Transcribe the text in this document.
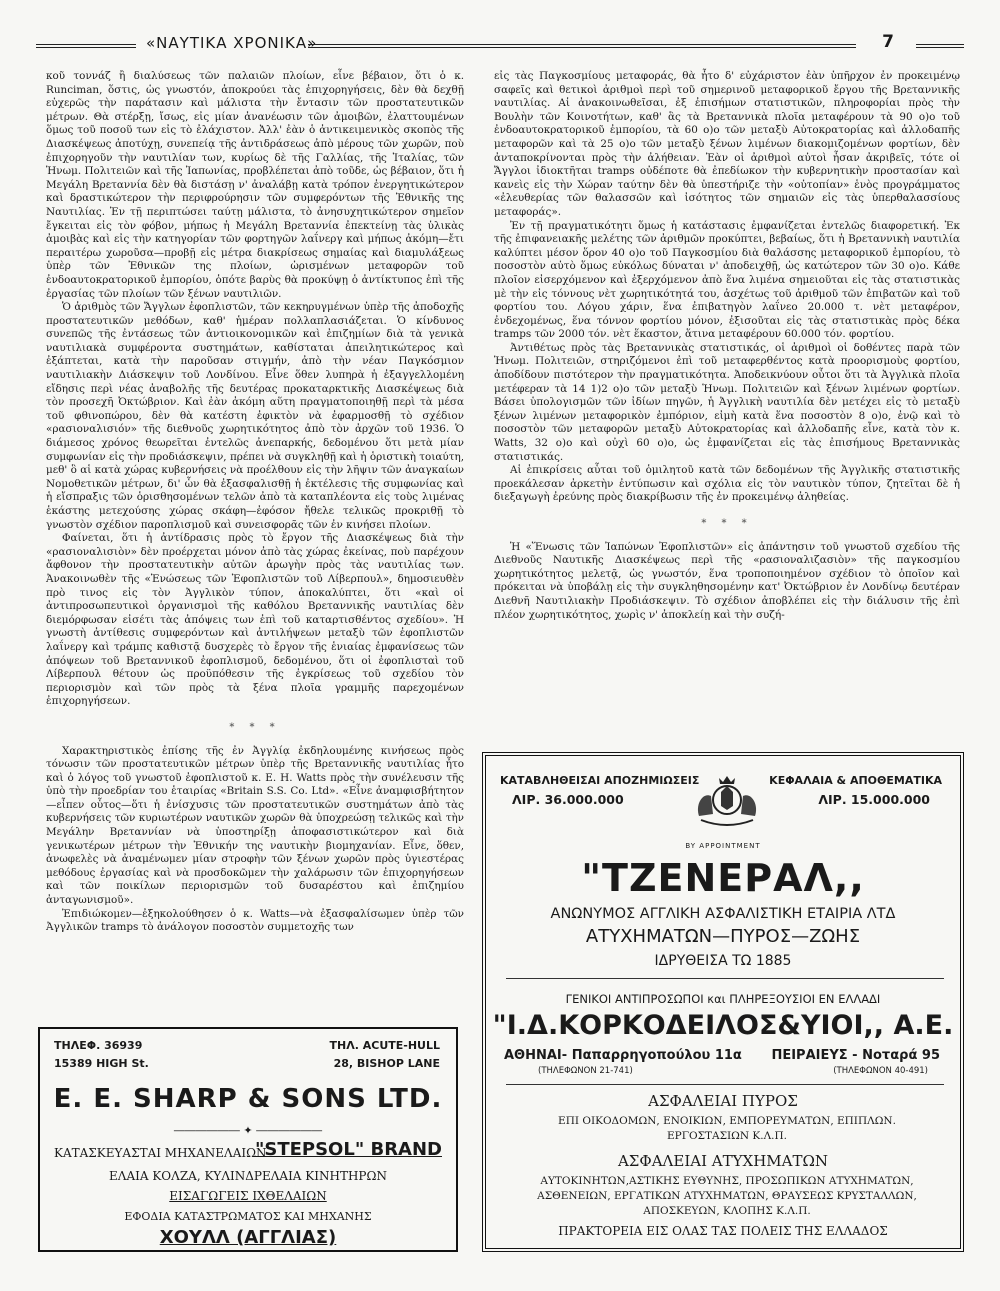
«ΝΑΥΤΙΚΑ ΧΡΟΝΙΚΑ»	7

κοῦ τοννάζ ἢ διαλύσεως τῶν παλαιῶν πλοίων, εἶνε βέβαιον, ὅτι ὁ κ. Runciman, ὅστις, ὡς γνωστόν, ἀποκρούει τὰς ἐπιχορηγήσεις, δὲν θὰ δεχθῇ εὐχερῶς τὴν παράτασιν καὶ μάλιστα τὴν ἔντασιν τῶν προστατευτικῶν μέτρων. Θὰ στέρξῃ, ἴσως, εἰς μίαν ἀνανέωσιν τῶν ἀμοιβῶν, ἐλαττουμένων ὅμως τοῦ ποσοῦ των εἰς τὸ ἐλάχιστον. Ἀλλ' ἐὰν ὁ ἀντικειμενικὸς σκοπὸς τῆς Διασκέψεως ἀποτύχῃ, συνεπείᾳ τῆς ἀντιδράσεως ἀπὸ μέρους τῶν χωρῶν, ποὺ ἐπιχορηγοῦν τὴν ναυτιλίαν των, κυρίως δὲ τῆς Γαλλίας, τῆς Ἰταλίας, τῶν Ἡνωμ. Πολιτειῶν καὶ τῆς Ἰαπωνίας, προβλέπεται ἀπὸ τοῦδε, ὡς βέβαιον, ὅτι ἡ Μεγάλη Βρεταννία δὲν θὰ διστάσῃ ν' ἀναλάβῃ κατὰ τρόπον ἐνεργητικώτερον καὶ δραστικώτερον τὴν περιφρούρησιν τῶν συμφερόντων τῆς Ἐθνικῆς της Ναυτιλίας. Ἐν τῇ περιπτώσει ταύτῃ μάλιστα, τὸ ἀνησυχητικώτερον σημεῖον ἔγκειται εἰς τὸν φόβον, μήπως ἡ Μεγάλη Βρεταννία ἐπεκτείνῃ τὰς ὑλικὰς ἀμοιβὰς καὶ εἰς τὴν κατηγορίαν τῶν φορτηγῶν λαΐνεργ καὶ μήπως ἀκόμη—ἔτι περαιτέρω χωροῦσα—προβῇ εἰς μέτρα διακρίσεως σημαίας καὶ διαμυλάξεως ὑπὲρ τῶν Ἐθνικῶν της πλοίων, ὡρισμένων μεταφορῶν τοῦ ἐνδοαυτοκρατορικοῦ ἐμπορίου, ὁπότε βαρὺς θὰ προκύψῃ ὁ ἀντίκτυπος ἐπὶ τῆς ἐργασίας τῶν πλοίων τῶν ξένων ναυτιλιῶν.

Ὁ ἀριθμὸς τῶν Ἄγγλων ἐφοπλιστῶν, τῶν κεκηρυγμένων ὑπὲρ τῆς ἀποδοχῆς προστατευτικῶν μεθόδων, καθ' ἡμέραν πολλαπλασιάζεται. Ὁ κίνδυνος συνεπῶς τῆς ἐντάσεως τῶν ἀντιοικονομικῶν καὶ ἐπιζημίων διὰ τὰ γενικὰ ναυτιλιακὰ συμφέροντα συστημάτων, καθίσταται ἀπειλητικώτερος καὶ ἐξάπτεται, κατὰ τὴν παροῦσαν στιγμήν, ἀπὸ τὴν νέαν Παγκόσμιον ναυτιλιακὴν Διάσκεψιν τοῦ Λονδίνου. Εἶνε ὅθεν λυπηρὰ ἡ ἐξαγγελλομένη εἴδησις περὶ νέας ἀναβολῆς τῆς δευτέρας προκαταρκτικῆς Διασκέψεως διὰ τὸν προσεχῆ Ὀκτώβριον. Καὶ ἐὰν ἀκόμη αὕτη πραγματοποιηθῇ περὶ τὰ μέσα τοῦ φθινοπώρου, δὲν θὰ κατέστη ἐφικτὸν νὰ ἐφαρμοσθῇ τὸ σχέδιον «ρασιοναλισιόν» τῆς διεθνοῦς χωρητικότητος ἀπὸ τὸν ἀρχῶν τοῦ 1936. Ὁ διάμεσος χρόνος θεωρεῖται ἐντελῶς ἀνεπαρκής, δεδομένου ὅτι μετὰ μίαν συμφωνίαν εἰς τὴν προδιάσκεψιν, πρέπει νὰ συγκληθῇ καὶ ἡ ὁριστικὴ τοιαύτη, μεθ' ὃ αἱ κατὰ χώρας κυβερνήσεις νὰ προέλθουν εἰς τὴν λῆψιν τῶν ἀναγκαίων Νομοθετικῶν μέτρων, δι' ὧν θὰ ἐξασφαλισθῇ ἡ ἐκτέλεσις τῆς συμφωνίας καὶ ἡ εἴσπραξις τῶν ὁρισθησομένων τελῶν ἀπὸ τὰ καταπλέοντα εἰς τοὺς λιμένας ἑκάστης μετεχούσης χώρας σκάφη—ἐφόσον ἤθελε τελικῶς προκριθῇ τὸ γνωστὸν σχέδιον παροπλισμοῦ καὶ συνεισφορᾶς τῶν ἐν κινήσει πλοίων.

Φαίνεται, ὅτι ἡ ἀντίδρασις πρὸς τὸ ἔργον τῆς Διασκέψεως διὰ τὴν «ρασιοναλισιὸν» δὲν προέρχεται μόνον ἀπὸ τὰς χώρας ἐκείνας, ποὺ παρέχουν ἄφθονον τὴν προστατευτικὴν αὐτῶν ἀρωγὴν πρὸς τὰς ναυτιλίας των. Ἀνακοινωθὲν τῆς «Ἑνώσεως τῶν Ἐφοπλιστῶν τοῦ Λίβερπουλ», δημοσιευθὲν πρὸ τινος εἰς τὸν Ἀγγλικὸν τύπον, ἀποκαλύπτει, ὅτι «καὶ οἱ ἀντιπροσωπευτικοὶ ὀργανισμοὶ τῆς καθόλου Βρεταννικῆς ναυτιλίας δὲν διεμόρφωσαν εἰσέτι τὰς ἀπόψεις των ἐπὶ τοῦ καταρτισθέντος σχεδίου». Ἡ γνωστὴ ἀντίθεσις συμφερόντων καὶ ἀντιλήψεων μεταξὺ τῶν ἐφοπλιστῶν λαΐνεργ καὶ τράμπς καθιστᾷ δυσχερὲς τὸ ἔργον τῆς ἑνιαίας ἐμφανίσεως τῶν ἀπόψεων τοῦ Βρεταννικοῦ ἐφοπλισμοῦ, δεδομένου, ὅτι οἱ ἐφοπλισταὶ τοῦ Λίβερπουλ θέτουν ὡς προϋπόθεσιν τῆς ἐγκρίσεως τοῦ σχεδίου τὸν περιορισμὸν καὶ τῶν πρὸς τὰ ξένα πλοῖα γραμμῆς παρεχομένων ἐπιχορηγήσεων.

* * *

Χαρακτηριστικὸς ἐπίσης τῆς ἐν Ἀγγλίᾳ ἐκδηλουμένης κινήσεως πρὸς τόνωσιν τῶν προστατευτικῶν μέτρων ὑπὲρ τῆς Βρεταννικῆς ναυτιλίας ἦτο καὶ ὁ λόγος τοῦ γνωστοῦ ἐφοπλιστοῦ κ. E. H. Watts πρὸς τὴν συνέλευσιν τῆς ὑπὸ τὴν προεδρίαν του ἑταιρίας «Britain S.S. Co. Ltd». «Εἶνε ἀναμφισβήτητον—εἶπεν οὗτος—ὅτι ἡ ἐνίσχυσις τῶν προστατευτικῶν συστημάτων ἀπὸ τὰς κυβερνήσεις τῶν κυριωτέρων ναυτικῶν χωρῶν θὰ ὑποχρεώσῃ τελικῶς καὶ τὴν Μεγάλην Βρεταννίαν νὰ ὑποστηρίξῃ ἀποφασιστικώτερον καὶ διὰ γενικωτέρων μέτρων τὴν Ἐθνικήν της ναυτικὴν βιομηχανίαν. Εἶνε, ὅθεν, ἀνωφελὲς νὰ ἀναμένωμεν μίαν στροφὴν τῶν ξένων χωρῶν πρὸς ὑγιεστέρας μεθόδους ἐργασίας καὶ νὰ προσδοκῶμεν τὴν χαλάρωσιν τῶν ἐπιχορηγήσεων καὶ τῶν ποικίλων περιορισμῶν τοῦ δυσαρέστου καὶ ἐπιζημίου ἀνταγωνισμοῦ».

Ἐπιδιώκομεν—ἐξηκολούθησεν ὁ κ. Watts—νὰ ἐξασφαλίσωμεν ὑπὲρ τῶν Ἀγγλικῶν tramps τὸ ἀνάλογον ποσοστὸν συμμετοχῆς των

εἰς τὰς Παγκοσμίους μεταφοράς, θὰ ἦτο δ' εὐχάριστον ἐὰν ὑπῆρχον ἐν προκειμένῳ σαφεῖς καὶ θετικοὶ ἀριθμοὶ περὶ τοῦ σημερινοῦ μεταφορικοῦ ἔργου τῆς Βρεταννικῆς ναυτιλίας. Αἱ ἀνακοινωθεῖσαι, ἐξ ἐπισήμων στατιστικῶν, πληροφορίαι πρὸς τὴν Βουλὴν τῶν Κοινοτήτων, καθ' ἃς τὰ Βρεταννικὰ πλοῖα μεταφέρουν τὰ 90 ο)ο τοῦ ἐνδοαυτοκρατορικοῦ ἐμπορίου, τὰ 60 ο)ο τῶν μεταξὺ Αὐτοκρατορίας καὶ ἀλλοδαπῆς μεταφορῶν καὶ τὰ 25 ο)ο τῶν μεταξὺ ξένων λιμένων διακομιζομένων φορτίων, δὲν ἀνταποκρίνονται πρὸς τὴν ἀλήθειαν. Ἐὰν οἱ ἀριθμοὶ αὐτοὶ ἦσαν ἀκριβεῖς, τότε οἱ Ἄγγλοι ἰδιοκτῆται tramps οὐδέποτε θὰ ἐπεδίωκον τὴν κυβερνητικὴν προστασίαν καὶ κανεὶς εἰς τὴν Χώραν ταύτην δὲν θὰ ὑπεστήριζε τὴν «οὐτοπίαν» ἑνὸς προγράμματος «ἐλευθερίας τῶν θαλασσῶν καὶ ἰσότητος τῶν σημαιῶν εἰς τὰς ὑπερθαλασσίους μεταφοράς».

Ἐν τῇ πραγματικότητι ὅμως ἡ κατάστασις ἐμφανίζεται ἐντελῶς διαφορετική. Ἐκ τῆς ἐπιφανειακῆς μελέτης τῶν ἀριθμῶν προκύπτει, βεβαίως, ὅτι ἡ Βρεταννικὴ ναυτιλία καλύπτει μέσον ὅρον 40 ο)ο τοῦ Παγκοσμίου διὰ θαλάσσης μεταφορικοῦ ἐμπορίου, τὸ ποσοστὸν αὐτὸ ὅμως εὐκόλως δύναται ν' ἀποδειχθῇ, ὡς κατώτερον τῶν 30 ο)ο. Κάθε πλοῖον εἰσερχόμενον καὶ ἐξερχόμενον ἀπὸ ἕνα λιμένα σημειοῦται εἰς τὰς στατιστικὰς μὲ τὴν εἰς τόννους νὲτ χωρητικότητά του, ἀσχέτως τοῦ ἀριθμοῦ τῶν ἐπιβατῶν καὶ τοῦ φορτίου του. Λόγου χάριν, ἕνα ἐπιβατηγὸν λαΐνεο 20.000 τ. νὲτ μεταφέρον, ἐνδεχομένως, ἕνα τόννον φορτίου μόνον, ἐξισοῦται εἰς τὰς στατιστικὰς πρὸς δέκα tramps τῶν 2000 τόν. νὲτ ἕκαστον, ἅτινα μεταφέρουν 60.000 τόν. φορτίου.

Ἀντιθέτως πρὸς τὰς Βρεταννικὰς στατιστικάς, οἱ ἀριθμοὶ οἱ δοθέντες παρὰ τῶν Ἡνωμ. Πολιτειῶν, στηριζόμενοι ἐπὶ τοῦ μεταφερθέντος κατὰ προορισμοὺς φορτίου, ἀποδίδουν πιστότερον τὴν πραγματικότητα. Ἀποδεικνύουν οὗτοι ὅτι τὰ Ἀγγλικὰ πλοῖα μετέφεραν τὰ 14 1)2 ο)ο τῶν μεταξὺ Ἡνωμ. Πολιτειῶν καὶ ξένων λιμένων φορτίων. Βάσει ὑπολογισμῶν τῶν ἰδίων πηγῶν, ἡ Ἀγγλικὴ ναυτιλία δὲν μετέχει εἰς τὸ μεταξὺ ξένων λιμένων μεταφορικὸν ἐμπόριον, εἰμὴ κατὰ ἕνα ποσοστὸν 8 ο)ο, ἐνῷ καὶ τὸ ποσοστὸν τῶν μεταφορῶν μεταξὺ Αὐτοκρατορίας καὶ ἀλλοδαπῆς εἶνε, κατὰ τὸν κ. Watts, 32 ο)ο καὶ οὐχὶ 60 ο)ο, ὡς ἐμφανίζεται εἰς τὰς ἐπισήμους Βρεταννικὰς στατιστικάς.

Αἱ ἐπικρίσεις αὗται τοῦ ὁμιλητοῦ κατὰ τῶν δεδομένων τῆς Ἀγγλικῆς στατιστικῆς προεκάλεσαν ἀρκετὴν ἐντύπωσιν καὶ σχόλια εἰς τὸν ναυτικὸν τύπον, ζητεῖται δὲ ἡ διεξαγωγὴ ἐρεύνης πρὸς διακρίβωσιν τῆς ἐν προκειμένῳ ἀληθείας.

* * *

Ἡ «Ἕνωσις τῶν Ἰαπώνων Ἐφοπλιστῶν» εἰς ἀπάντησιν τοῦ γνωστοῦ σχεδίου τῆς Διεθνοῦς Ναυτικῆς Διασκέψεως περὶ τῆς «ρασιοναλιζασιὸν» τῆς παγκοσμίου χωρητικότητος μελετᾷ, ὡς γνωστόν, ἕνα τροποποιημένον σχέδιον τὸ ὁποῖον καὶ πρόκειται νὰ ὑποβάλῃ εἰς τὴν συγκληθησομένην κατ' Ὀκτώβριον ἐν Λονδίνῳ δευτέραν Διεθνῆ Ναυτιλιακὴν Προδιάσκεψιν. Τὸ σχέδιον ἀποβλέπει εἰς τὴν διάλυσιν τῆς ἐπὶ πλέον χωρητικότητος, χωρὶς ν' ἀποκλείῃ καὶ τὴν συζή-

ΤΗΛΕΦ. 36939
15389 HIGH St.
ΤΗΛ. ACUTE-HULL
28, BISHOP LANE
E. E. SHARP & SONS LTD.
―――――― ✦ ――――――
ΚΑΤΑΣΚΕΥΑΣΤΑΙ ΜΗΧΑΝΕΛΑΙΩΝ
"STEPSOL" BRAND
ΕΛΑΙΑ ΚΟΛΖΑ, ΚΥΛΙΝΔΡΕΛΑΙΑ ΚΙΝΗΤΗΡΩΝ
ΕΙΣΑΓΩΓΕΙΣ ΙΧΘΕΛΑΙΩΝ
ΕΦΟΔΙΑ ΚΑΤΑΣΤΡΩΜΑΤΟΣ ΚΑΙ ΜΗΧΑΝΗΣ
ΧΟΥΛΛ (ΑΓΓΛΙΑΣ)
ΚΑΤΑΒΛΗΘΕΙΣΑΙ ΑΠΟΖΗΜΙΩΣΕΙΣ
ΛΙΡ. 36.000.000
ΚΕΦΑΛΑΙΑ & ΑΠΟΘΕΜΑΤΙΚΑ
ΛΙΡ. 15.000.000
BY APPOINTMENT
"ΤΖΕΝΕΡΑΛ,,
ΑΝΩΝΥΜΟΣ ΑΓΓΛΙΚΗ ΑΣΦΑΛΙΣΤΙΚΗ ΕΤΑΙΡΙΑ ΛΤΔ
ΑΤΥΧΗΜΑΤΩΝ—ΠΥΡΟΣ—ΖΩΗΣ
ΙΔΡΥΘΕΙΣΑ ΤΩ 1885
ΓΕΝΙΚΟΙ ΑΝΤΙΠΡΟΣΩΠΟΙ και ΠΛΗΡΕΞΟΥΣΙΟΙ ΕΝ ΕΛΛΑΔΙ
"Ι.Δ.ΚΟΡΚΟΔΕΙΛΟΣ&ΥΙΟΙ,, Α.Ε.
ΑΘΗΝΑΙ- Παπαρρηγοπούλου 11α
(ΤΗΛΕΦΩΝΟΝ 21-741)
ΠΕΙΡΑΙΕΥΣ - Νοταρά 95
(ΤΗΛΕΦΩΝΟΝ 40-491)
ΑΣΦΑΛΕΙΑΙ ΠΥΡΟΣ
ΕΠΙ ΟΙΚΟΔΟΜΩΝ, ΕΝΟΙΚΙΩΝ, ΕΜΠΟΡΕΥΜΑΤΩΝ, ΕΠΙΠΛΩΝ. ΕΡΓΟΣΤΑΣΙΩΝ Κ.Λ.Π.
ΑΣΦΑΛΕΙΑΙ ΑΤΥΧΗΜΑΤΩΝ
ΑΥΤΟΚΙΝΗΤΩΝ,ΑΣΤΙΚΗΣ ΕΥΘΥΝΗΣ, ΠΡΟΣΩΠΙΚΩΝ ΑΤΥΧΗΜΑΤΩΝ, ΑΣΘΕΝΕΙΩΝ, ΕΡΓΑΤΙΚΩΝ ΑΤΥΧΗΜΑΤΩΝ, ΘΡΑΥΣΕΩΣ ΚΡΥΣΤΑΛΛΩΝ, ΑΠΟΣΚΕΥΩΝ, ΚΛΟΠΗΣ Κ.Λ.Π.
ΠΡΑΚΤΟΡΕΙΑ ΕΙΣ ΟΛΑΣ ΤΑΣ ΠΟΛΕΙΣ ΤΗΣ ΕΛΛΑΔΟΣ
